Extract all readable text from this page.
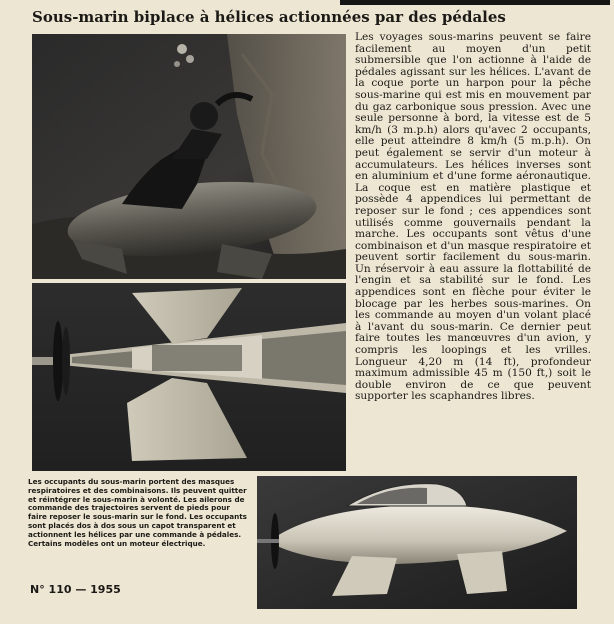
Sous-marin biplace à hélices actionnées par des pédales

Les voyages sous-marins peuvent se faire facilement au moyen d'un petit submersible que l'on actionne à l'aide de pédales agissant sur les hélices. L'avant de la coque porte un harpon pour la pêche sous-marine qui est mis en mouvement par du gaz carbonique sous pression. Avec une seule personne à bord, la vitesse est de 5 km/h (3 m.p.h) alors qu'avec 2 occupants, elle peut atteindre 8 km/h (5 m.p.h). On peut également se servir d'un moteur à accumulateurs. Les hélices inverses sont en aluminium et d'une forme aéronautique. La coque est en matière plastique et possède 4 appendices lui permettant de reposer sur le fond ; ces appendices sont utilisés comme gouvernails pendant la marche. Les occupants sont vêtus d'une combinaison et d'un masque respiratoire et peuvent sortir facilement du sous-marin. Un réservoir à eau assure la flottabilité de l'engin et sa stabilité sur le fond. Les appendices sont en flèche pour éviter le blocage par les herbes sous-marines. On les commande au moyen d'un volant placé à l'avant du sous-marin. Ce dernier peut faire toutes les manœuvres d'un avion, y compris les loopings et les vrilles. Longueur 4,20 m (14 ft), profondeur maximum admissible 45 m (150 ft,) soit le double environ de ce que peuvent supporter les scaphandres libres.

Les occupants du sous-marin portent des masques respiratoires et des combinaisons. Ils peuvent quitter et réintégrer le sous-marin à volonté. Les ailerons de commande des trajectoires servent de pieds pour faire reposer le sous-marin sur le fond. Les occupants sont placés dos à dos sous un capot transparent et actionnent les hélices par une commande à pédales. Certains modèles ont un moteur électrique.

N° 110 — 1955
